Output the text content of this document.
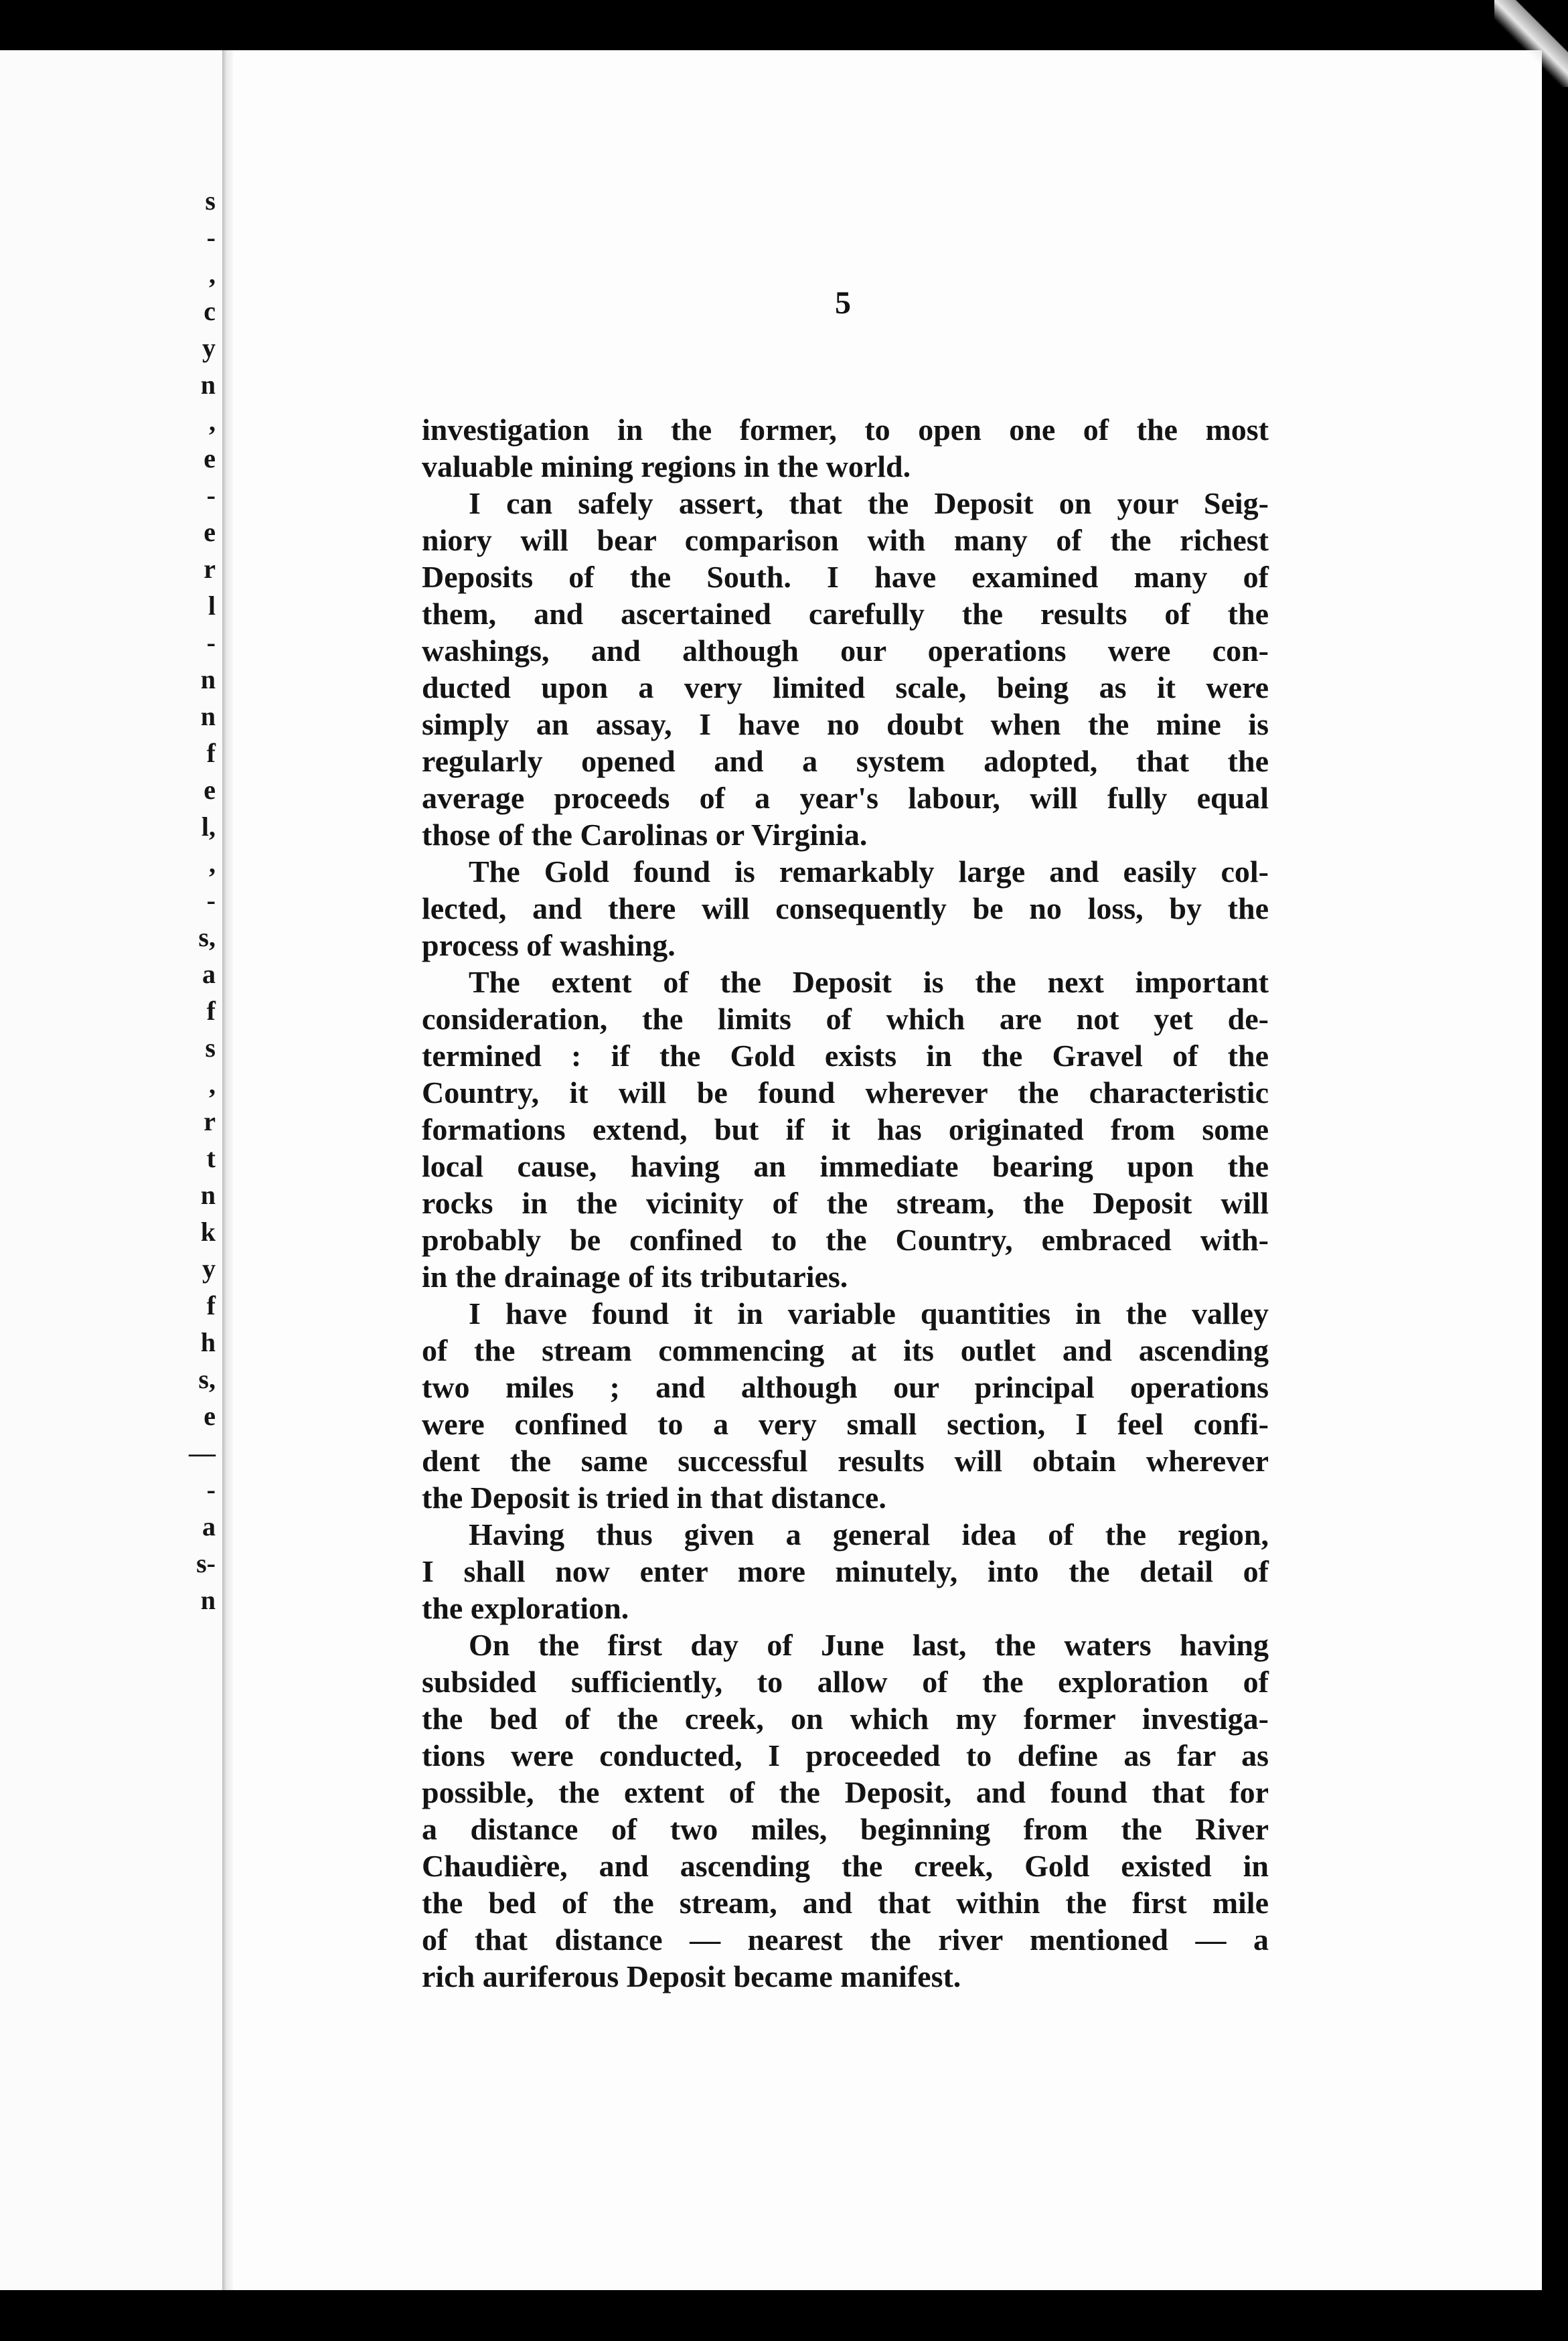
s
-
,
c
y
n
,
e
-
e
r
l
-
n
n
f
e
l,
,
-
s,
a
f
s
,
r
t
n
k
y
f
h
s,
e
—
-
a
s-
n
5
investigation in the former, to open one of the most
valuable mining regions in the world.
I can safely assert, that the Deposit on your Seig-
niory will bear comparison with many of the richest
Deposits of the South. I have examined many of
them, and ascertained carefully the results of the
washings, and although our operations were con-
ducted upon a very limited scale, being as it were
simply an assay, I have no doubt when the mine is
regularly opened and a system adopted, that the
average proceeds of a year's labour, will fully equal
those of the Carolinas or Virginia.
The Gold found is remarkably large and easily col-
lected, and there will consequently be no loss, by the
process of washing.
The extent of the Deposit is the next important
consideration, the limits of which are not yet de-
termined : if the Gold exists in the Gravel of the
Country, it will be found wherever the characteristic
formations extend, but if it has originated from some
local cause, having an immediate bearing upon the
rocks in the vicinity of the stream, the Deposit will
probably be confined to the Country, embraced with-
in the drainage of its tributaries.
I have found it in variable quantities in the valley
of the stream commencing at its outlet and ascending
two miles ; and although our principal operations
were confined to a very small section, I feel confi-
dent the same successful results will obtain wherever
the Deposit is tried in that distance.
Having thus given a general idea of the region,
I shall now enter more minutely, into the detail of
the exploration.
On the first day of June last, the waters having
subsided sufficiently, to allow of the exploration of
the bed of the creek, on which my former investiga-
tions were conducted, I proceeded to define as far as
possible, the extent of the Deposit, and found that for
a distance of two miles, beginning from the River
Chaudière, and ascending the creek, Gold existed in
the bed of the stream, and that within the first mile
of that distance — nearest the river mentioned — a
rich auriferous Deposit became manifest.
